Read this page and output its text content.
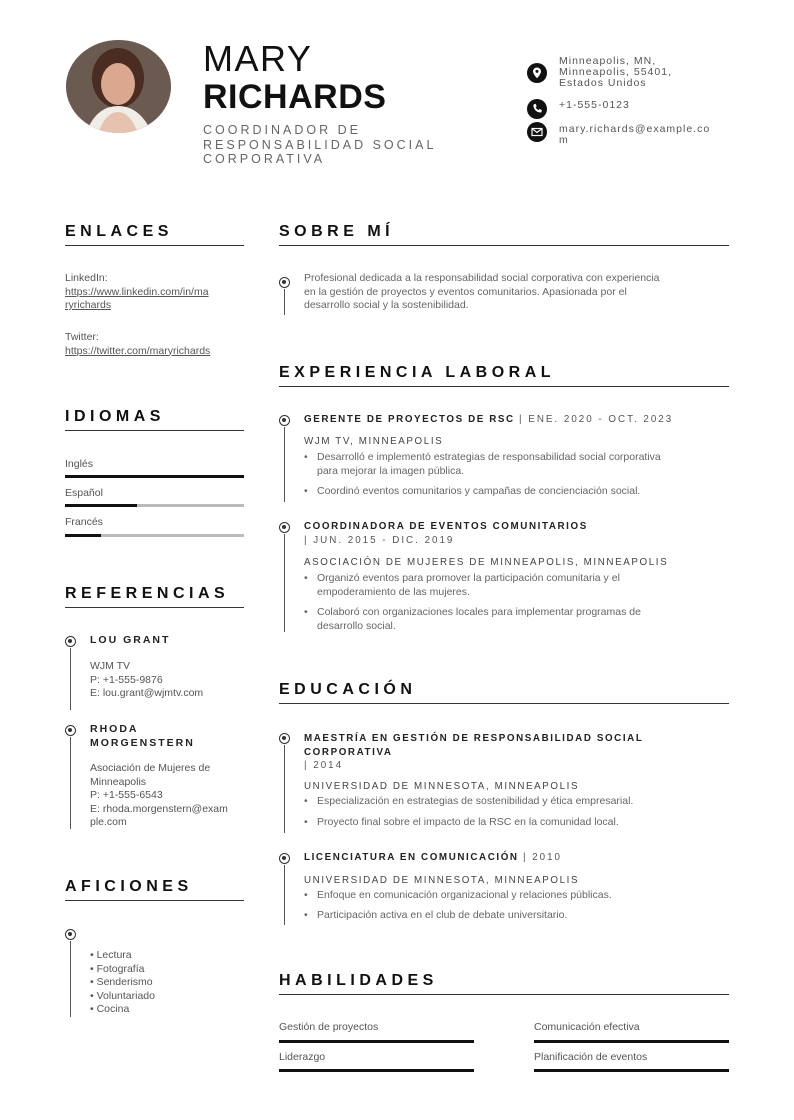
MARY
RICHARDS
COORDINADOR DE
RESPONSABILIDAD SOCIAL
CORPORATIVA
Minneapolis, MN,
Minneapolis, 55401,
Estados Unidos
+1-555-0123
mary.richards@example.co
m
ENLACES
LinkedIn:
https://www.linkedin.com/in/ma
ryrichards
Twitter:
https://twitter.com/maryrichards
IDIOMAS
Inglés
Español
Francés
REFERENCIAS
LOU GRANT
WJM TV
P: +1-555-9876
E: lou.grant@wjmtv.com
RHODA
MORGENSTERN
Asociación de Mujeres de
Minneapolis
P: +1-555-6543
E: rhoda.morgenstern@exam
ple.com
AFICIONES
• Lectura
• Fotografía
• Senderismo
• Voluntariado
• Cocina
SOBRE MÍ
Profesional dedicada a la responsabilidad social corporativa con experiencia
en la gestión de proyectos y eventos comunitarios. Apasionada por el
desarrollo social y la sostenibilidad.
EXPERIENCIA LABORAL
GERENTE DE PROYECTOS DE RSC | ENE. 2020 - OCT. 2023
WJM TV, MINNEAPOLIS
• Desarrolló e implementó estrategias de responsabilidad social corporativa
para mejorar la imagen pública.
• Coordinó eventos comunitarios y campañas de concienciación social.
COORDINADORA DE EVENTOS COMUNITARIOS
| JUN. 2015 - DIC. 2019
ASOCIACIÓN DE MUJERES DE MINNEAPOLIS, MINNEAPOLIS
• Organizó eventos para promover la participación comunitaria y el
empoderamiento de las mujeres.
• Colaboró con organizaciones locales para implementar programas de
desarrollo social.
EDUCACIÓN
MAESTRÍA EN GESTIÓN DE RESPONSABILIDAD SOCIAL
CORPORATIVA
| 2014
UNIVERSIDAD DE MINNESOTA, MINNEAPOLIS
• Especialización en estrategias de sostenibilidad y ética empresarial.
• Proyecto final sobre el impacto de la RSC en la comunidad local.
LICENCIATURA EN COMUNICACIÓN | 2010
UNIVERSIDAD DE MINNESOTA, MINNEAPOLIS
• Enfoque en comunicación organizacional y relaciones públicas.
• Participación activa en el club de debate universitario.
HABILIDADES
Gestión de proyectos	Comunicación efectiva
Liderazgo	Planificación de eventos
